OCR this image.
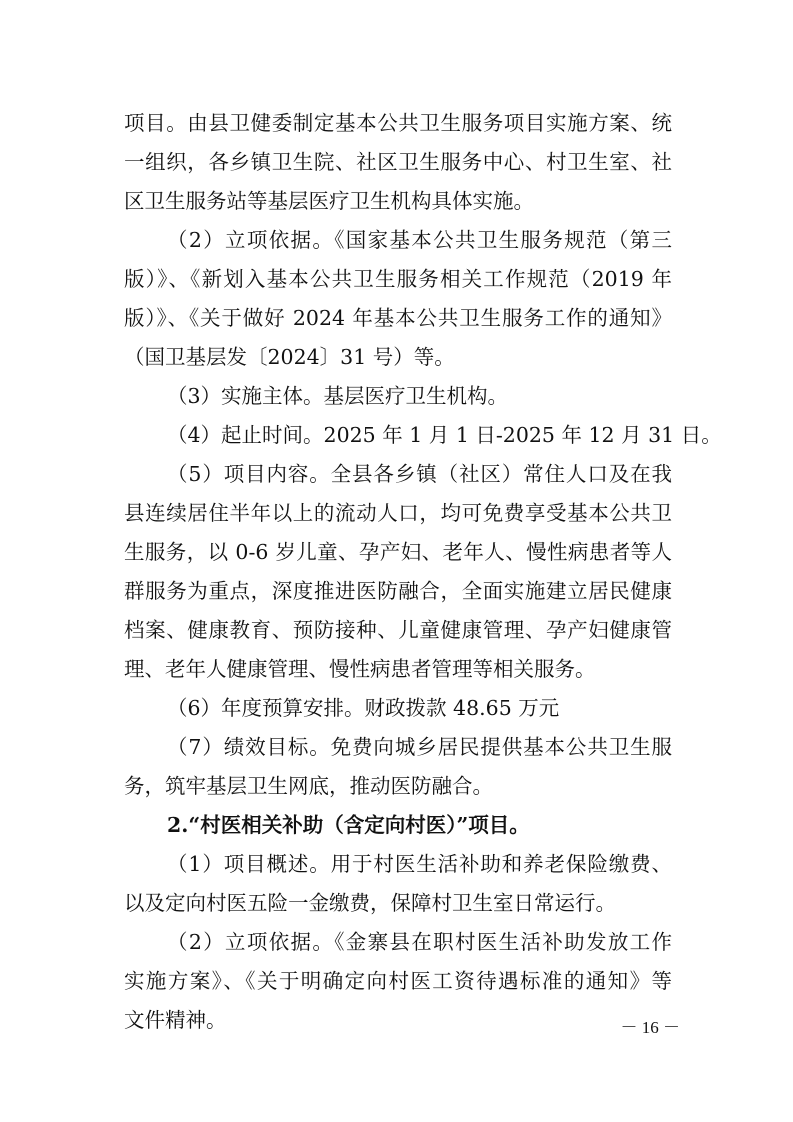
项目。由县卫健委制定基本公共卫生服务项目实施方案、统
一组织，各乡镇卫生院、社区卫生服务中心、村卫生室、社
区卫生服务站等基层医疗卫生机构具体实施。
（2）立项依据。《国家基本公共卫生服务规范（第三
版）》、《新划入基本公共卫生服务相关工作规范（2019 年
版）》、《关于做好 2024 年基本公共卫生服务工作的通知》
（国卫基层发〔2024〕31 号）等。
（3）实施主体。基层医疗卫生机构。
（4）起止时间。2025 年 1 月 1 日-2025 年 12 月 31 日。
（5）项目内容。全县各乡镇（社区）常住人口及在我
县连续居住半年以上的流动人口，均可免费享受基本公共卫
生服务，以 0-6 岁儿童、孕产妇、老年人、慢性病患者等人
群服务为重点，深度推进医防融合，全面实施建立居民健康
档案、健康教育、预防接种、儿童健康管理、孕产妇健康管
理、老年人健康管理、慢性病患者管理等相关服务。
（6）年度预算安排。财政拨款 48.65 万元
（7）绩效目标。免费向城乡居民提供基本公共卫生服
务，筑牢基层卫生网底，推动医防融合。
2.“村医相关补助（含定向村医）”项目。
（1）项目概述。用于村医生活补助和养老保险缴费、
以及定向村医五险一金缴费，保障村卫生室日常运行。
（2）立项依据。《金寨县在职村医生活补助发放工作
实施方案》、《关于明确定向村医工资待遇标准的通知》等
文件精神。	－ 16 －
